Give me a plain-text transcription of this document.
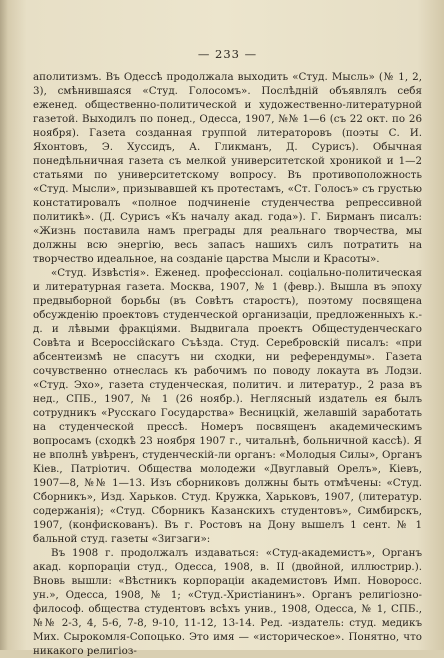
— 233 —

аполитизмъ. Въ Одессѣ продолжала выходить «Студ. Мысль» (№ 1, 2, 3), смѣнившаяся «Студ. Голосомъ». Послѣдній объявлялъ себя еженед. общественно-политической и художественно-литературной газетой. Выходилъ по понед., Одесса, 1907, №№ 1—6 (съ 22 окт. по 26 ноября). Газета созданная группой литераторовъ (поэты С. И. Яхонтовъ, Э. Хуссидъ, А. Гликманъ, Д. Сурисъ). Обычная понедѣльничная газета съ мелкой университетской хроникой и 1—2 статьями по университетскому вопросу. Въ противоположность «Студ. Мысли», призывавшей къ протестамъ, «Ст. Голосъ» съ грустью констатировалъ «полное подчиненіе студенчества репрессивной политикѣ». (Д. Сурисъ «Къ началу акад. года»). Г. Бирманъ писалъ: «Жизнь поставила намъ преграды для реальнаго творчества, мы должны всю энергію, весь запасъ нашихъ силъ потратить на творчество идеальное, на созданіе царства Мысли и Красоты».

«Студ. Извѣстія». Еженед. профессіонал. соціально-политическая и литературная газета. Москва, 1907, № 1 (февр.). Вышла въ эпоху предвыборной борьбы (въ Совѣтъ старостъ), поэтому посвящена обсужденію проектовъ студенческой организаціи, предложенныхъ к.-д. и лѣвыми фракціями. Выдвигала проектъ Общестуденческаго Совѣта и Всероссійскаго Съѣзда. Студ. Серебровскій писалъ: «при абсентеизмѣ не спасутъ ни сходки, ни референдумы». Газета сочувственно отнеслась къ рабочимъ по поводу локаута въ Лодзи. «Студ. Эхо», газета студенческая, политич. и литератур., 2 раза въ нед., СПБ., 1907, № 1 (26 ноябр.). Неглясный издатель ея былъ сотрудникъ «Русскаго Государства» Весницкій, желавшій заработать на студенческой прессѣ. Номеръ посвященъ академическимъ вопросамъ (сходкѣ 23 ноября 1907 г., читальнѣ, больничной кассѣ). Я не вполнѣ увѣренъ, студенческій-ли органъ: «Молодыя Силы», Органъ Кіев., Патріотич. Общества молодежи «Двуглавый Орелъ», Кіевъ, 1907—8, №№ 1—13. Изъ сборниковъ должны быть отмѣчены: «Студ. Сборникъ», Изд. Харьков. Студ. Кружка, Харьковъ, 1907, (литератур. содержанія); «Студ. Сборникъ Казанскихъ студентовъ», Симбирскъ, 1907, (конфискованъ). Въ г. Ростовъ на Дону вышелъ 1 сент. № 1 бальной студ. газеты «Зигзаги»:

Въ 1908 г. продолжалъ издаваться: «Студ-академистъ», Органъ акад. корпораціи студ., Одесса, 1908, в. II (двойной, иллюстрир.). Вновь вышли: «Вѣстникъ корпораціи академистовъ Имп. Новоросс. ун.», Одесса, 1908, № 1; «Студ.-Христіанинъ». Органъ религіозно-философ. общества студентовъ всѣхъ унив., 1908, Одесса, № 1, СПБ., №№ 2-3, 4, 5-6, 7-8, 9-10, 11-12, 13-14. Ред. -издатель: студ. медикъ Мих. Сырокомля-Сопоцько. Это имя — «историческое». Понятно, что никакого религіоз-
